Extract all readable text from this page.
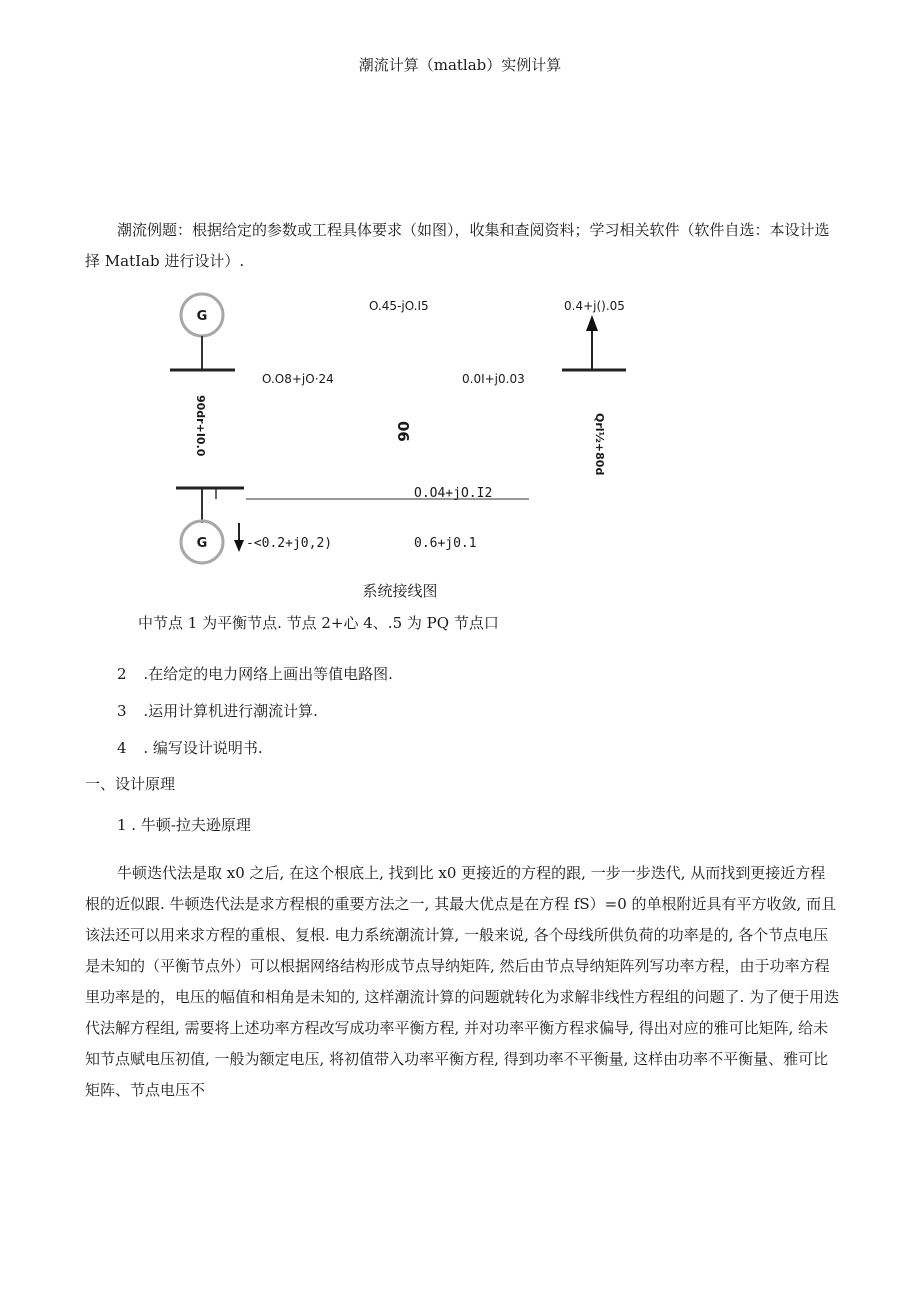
潮流计算（matlab）实例计算
潮流例题：根据给定的参数或工程具体要求（如图），收集和查阅资料；学习相关软件（软件自选：本设计选择 MatIab 进行设计）.
G
O.45-jO.I5	0.4+j().05
O.O8+jO·24	0.0I+j0.03
90dr+I0.0	06	Qrl½+80d
O.O4+jO.I2
G	-<0.2+j0,2)	0.6+j0.1
系统接线图
中节点 1 为平衡节点. 节点 2+心 4、.5 为 PQ 节点口
2 .在给定的电力网络上画出等值电路图.
3 .运用计算机进行潮流计算.
4 . 编写设计说明书.
一、设计原理
1 . 牛顿-拉夫逊原理
牛顿迭代法是取 x0 之后, 在这个根底上, 找到比 x0 更接近的方程的跟, 一步一步迭代, 从而找到更接近方程根的近似跟. 牛顿迭代法是求方程根的重要方法之一, 其最大优点是在方程 fS）=0 的单根附近具有平方收敛, 而且该法还可以用来求方程的重根、复根. 电力系统潮流计算, 一般来说, 各个母线所供负荷的功率是的, 各个节点电压是未知的（平衡节点外）可以根据网络结构形成节点导纳矩阵, 然后由节点导纳矩阵列写功率方程，由于功率方程里功率是的，电压的幅值和相角是未知的, 这样潮流计算的问题就转化为求解非线性方程组的问题了. 为了便于用迭代法解方程组, 需要将上述功率方程改写成功率平衡方程, 并对功率平衡方程求偏导, 得出对应的雅可比矩阵, 给未知节点赋电压初值, 一般为额定电压, 将初值带入功率平衡方程, 得到功率不平衡量, 这样由功率不平衡量、雅可比矩阵、节点电压不
